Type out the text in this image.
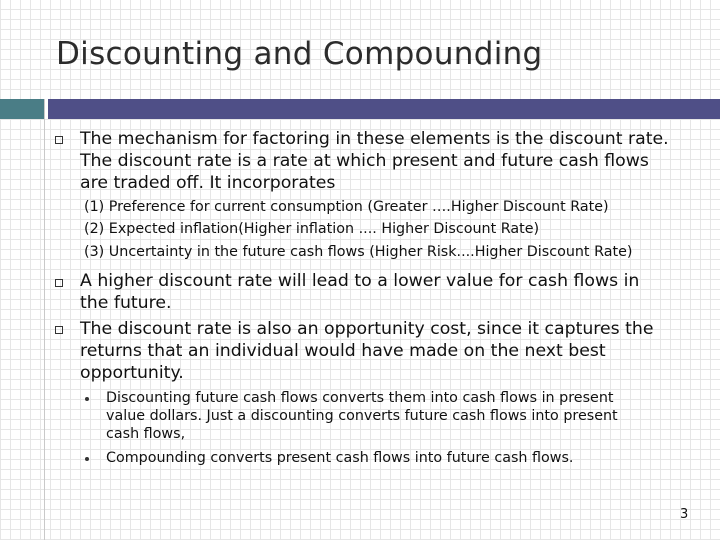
Discounting and Compounding
The mechanism for factoring in these elements is the discount rate.
The discount rate is a rate at which present and future cash flows
are traded off. It incorporates
(1) Preference for current consumption (Greater ….Higher Discount Rate)
(2) Expected inflation(Higher inflation .... Higher Discount Rate)
(3) Uncertainty in the future cash flows (Higher Risk....Higher Discount Rate)
A higher discount rate will lead to a lower value for cash flows in
the future.
The discount rate is also an opportunity cost, since it captures the
returns that an individual would have made on the next best
opportunity.
Discounting future cash flows converts them into cash flows in present
value dollars. Just a discounting converts future cash flows into present
cash flows,
Compounding converts present cash flows into future cash flows.
3
